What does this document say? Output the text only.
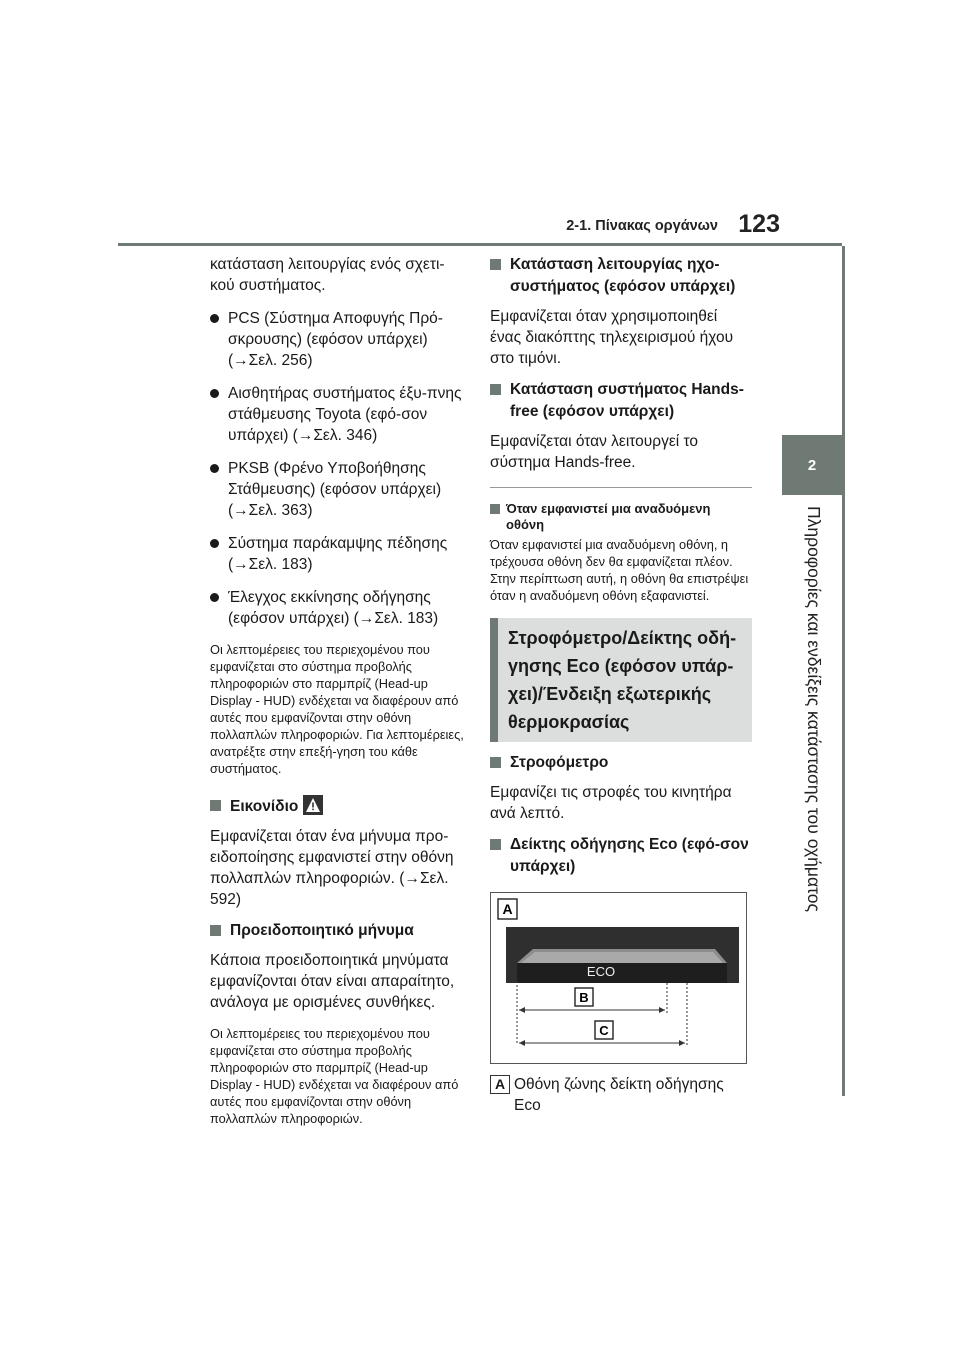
2-1. Πίνακας οργάνων 123
2
Πληροφορίες και ενδείξεις κατάστασης του οχήματος

κατάσταση λειτουργίας ενός σχετι-κού συστήματος.

PCS (Σύστημα Αποφυγής Πρό-σκρουσης) (εφόσον υπάρχει) (→Σελ. 256)
Αισθητήρας συστήματος έξυ-πνης στάθμευσης Toyota (εφό-σον υπάρχει) (→Σελ. 346)
PKSB (Φρένο Υποβοήθησης Στάθμευσης) (εφόσον υπάρχει) (→Σελ. 363)
Σύστημα παράκαμψης πέδησης (→Σελ. 183)
Έλεγχος εκκίνησης οδήγησης (εφόσον υπάρχει) (→Σελ. 183)

Οι λεπτομέρειες του περιεχομένου που εμφανίζεται στο σύστημα προβολής πληροφοριών στο παρμπρίζ (Head-up Display - HUD) ενδέχεται να διαφέρουν από αυτές που εμφανίζονται στην οθόνη πολλαπλών πληροφοριών. Για λεπτομέρειες, ανατρέξτε στην επεξή-γηση του κάθε συστήματος.

Εικονίδιο

Εμφανίζεται όταν ένα μήνυμα προ-ειδοποίησης εμφανιστεί στην οθόνη πολλαπλών πληροφοριών. (→Σελ. 592)

Προειδοποιητικό μήνυμα

Κάποια προειδοποιητικά μηνύματα εμφανίζονται όταν είναι απαραίτητο, ανάλογα με ορισμένες συνθήκες.

Οι λεπτομέρειες του περιεχομένου που εμφανίζεται στο σύστημα προβολής πληροφοριών στο παρμπρίζ (Head-up Display - HUD) ενδέχεται να διαφέρουν από αυτές που εμφανίζονται στην οθόνη πολλαπλών πληροφοριών.

Κατάσταση λειτουργίας ηχο-συστήματος (εφόσον υπάρχει)

Εμφανίζεται όταν χρησιμοποιηθεί ένας διακόπτης τηλεχειρισμού ήχου στο τιμόνι.

Κατάσταση συστήματος Hands-free (εφόσον υπάρχει)

Εμφανίζεται όταν λειτουργεί το σύστημα Hands-free.

Όταν εμφανιστεί μια αναδυόμενη οθόνη

Όταν εμφανιστεί μια αναδυόμενη οθόνη, η τρέχουσα οθόνη δεν θα εμφανίζεται πλέον. Στην περίπτωση αυτή, η οθόνη θα επιστρέψει όταν η αναδυόμενη οθόνη εξαφανιστεί.

Στροφόμετρο/Δείκτης οδή-γησης Eco (εφόσον υπάρ-χει)/Ένδειξη εξωτερικής θερμοκρασίας
Στροφόμετρο

Εμφανίζει τις στροφές του κινητήρα ανά λεπτό.

Δείκτης οδήγησης Eco (εφό-σον υπάρχει)
A
ECO
B
C
A Οθόνη ζώνης δείκτη οδήγησης Eco
